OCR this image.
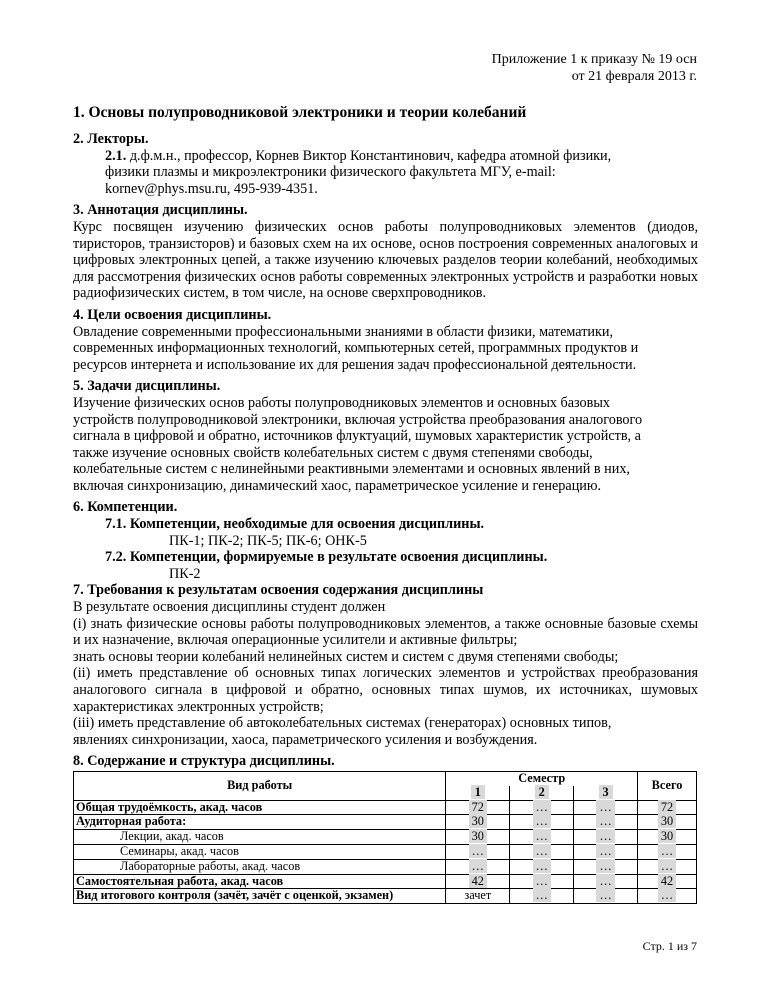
Приложение 1 к приказу № 19 осн
от 21 февраля 2013 г.
1. Основы полупроводниковой электроники и теории колебаний
2. Лекторы.
2.1. д.ф.м.н., профессор, Корнев Виктор Константинович, кафедра атомной физики,
физики плазмы и микроэлектроники физического факультета МГУ, e-mail:
kornev@phys.msu.ru, 495-939-4351.
3. Аннотация дисциплины.
Курс посвящен изучению физических основ работы полупроводниковых элементов (диодов, тиристоров, транзисторов) и базовых схем на их основе, основ построения современных аналоговых и цифровых электронных цепей, а также изучению ключевых разделов теории колебаний, необходимых для рассмотрения физических основ работы современных электронных устройств и разработки новых радиофизических систем, в том числе, на основе сверхпроводников.
4. Цели освоения дисциплины.
Овладение современными профессиональными знаниями в области физики, математики,
современных информационных технологий, компьютерных сетей, программных продуктов и
ресурсов интернета и использование их для решения задач профессиональной деятельности.
5. Задачи дисциплины.
Изучение физических основ работы полупроводниковых элементов и основных базовых
устройств полупроводниковой электроники, включая устройства преобразования аналогового
сигнала в цифровой и обратно, источников флуктуаций, шумовых характеристик устройств, а
также изучение основных свойств колебательных систем с двумя степенями свободы,
колебательные систем с нелинейными реактивными элементами и основных явлений в них,
включая синхронизацию, динамический хаос, параметрическое усиление и генерацию.
6. Компетенции.
7.1. Компетенции, необходимые для освоения дисциплины.
ПК-1; ПК-2; ПК-5; ПК-6; ОНК-5
7.2. Компетенции, формируемые в результате освоения дисциплины.
ПК-2
7. Требования к результатам освоения содержания дисциплины
В результате освоения дисциплины студент должен
(i) знать физические основы работы полупроводниковых элементов, а также основные базовые схемы и их назначение, включая операционные усилители и активные фильтры;
знать основы теории колебаний нелинейных систем и систем с двумя степенями свободы;
(ii) иметь представление об основных типах логических элементов и устройствах преобразования аналогового сигнала в цифровой и обратно, основных типах шумов, их источниках, шумовых характеристиках электронных устройств;
(iii) иметь представление об автоколебательных системах (генераторах) основных типов,
явлениях синхронизации, хаоса, параметрического усиления и возбуждения.
8. Содержание и структура дисциплины.
Вид работы	Семестр			Всего
	1	2	3	
Общая трудоёмкость, акад. часов	72	…	…	72
Аудиторная работа:	30	…	…	30
Лекции, акад. часов	30	…	…	30
Семинары, акад. часов	…	…	…	…
Лабораторные работы, акад. часов	…	…	…	…
Самостоятельная работа, акад. часов	42	…	…	42
Вид итогового контроля (зачёт, зачёт с оценкой, экзамен)	зачет	…	…	…
Стр. 1 из 7
